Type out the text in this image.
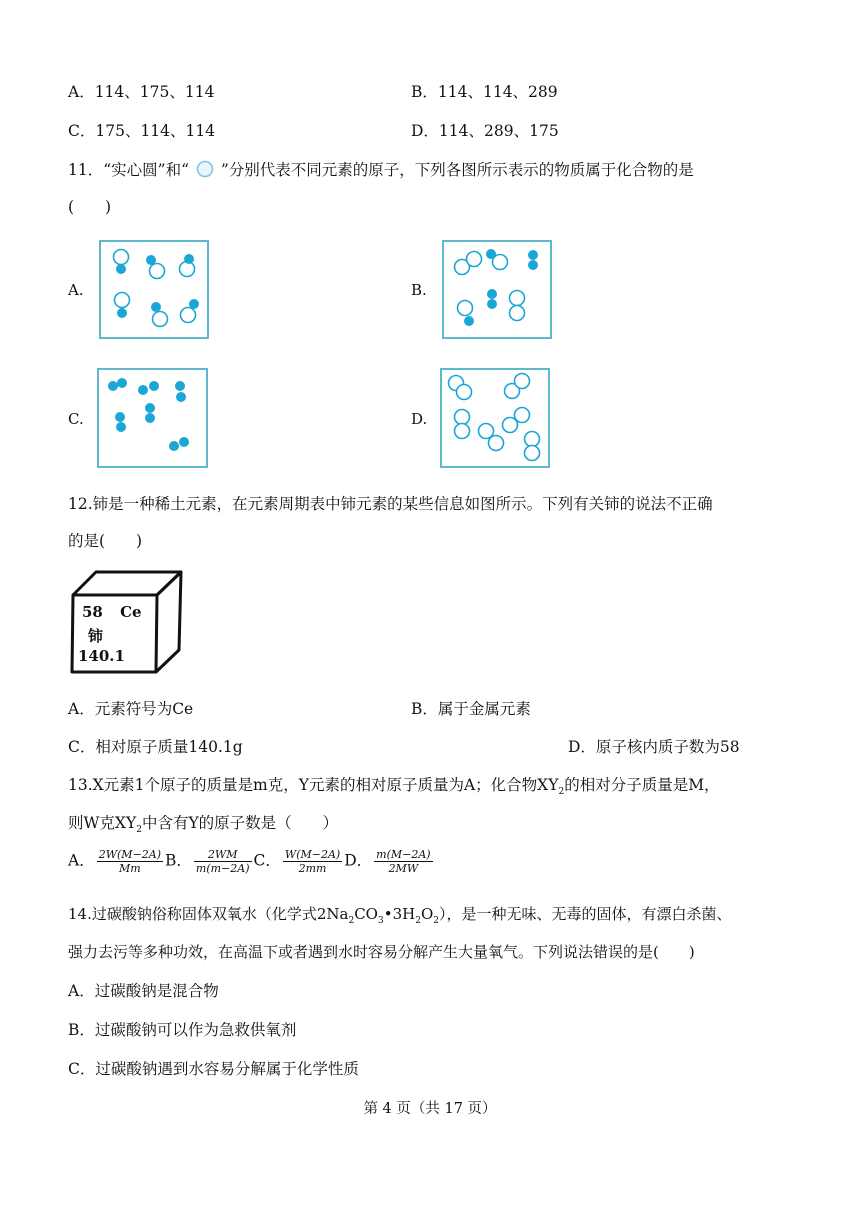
A．114、175、114	B．114、114、289
C．175、114、114	D．114、289、175
11．“实心圆”和“ ”分别代表不同元素的原子，下列各图所示表示的物质属于化合物的是
(　　)
A.	B.
C.	D.
12.铈是一种稀土元素，在元素周期表中铈元素的某些信息如图所示。下列有关铈的说法不正确
的是(　　)
58 Ce
铈
140.1
A．元素符号为Ce	B．属于金属元素
C．相对原子质量140.1g	D．原子核内质子数为58
13.X元素1个原子的质量是m克，Y元素的相对原子质量为A；化合物$XY_2$的相对分子质量是M，
则W克$XY_2$中含有Y的原子数是（　　）
A． $\frac{2W(M-2A)}{Mm}$ B． $\frac{2WM}{m(m-2A)}$ C． $\frac{W(M-2A)}{2mm}$ D． $\frac{m(M-2A)}{2MW}$
14.过碳酸钠俗称固体双氧水（化学式$2Na_2CO_3•3H_2O_2$），是一种无味、无毒的固体，有漂白杀菌、
强力去污等多种功效，在高温下或者遇到水时容易分解产生大量氧气。下列说法错误的是(　　)
A．过碳酸钠是混合物
B．过碳酸钠可以作为急救供氧剂
C．过碳酸钠遇到水容易分解属于化学性质
第 4 页（共 17 页）
